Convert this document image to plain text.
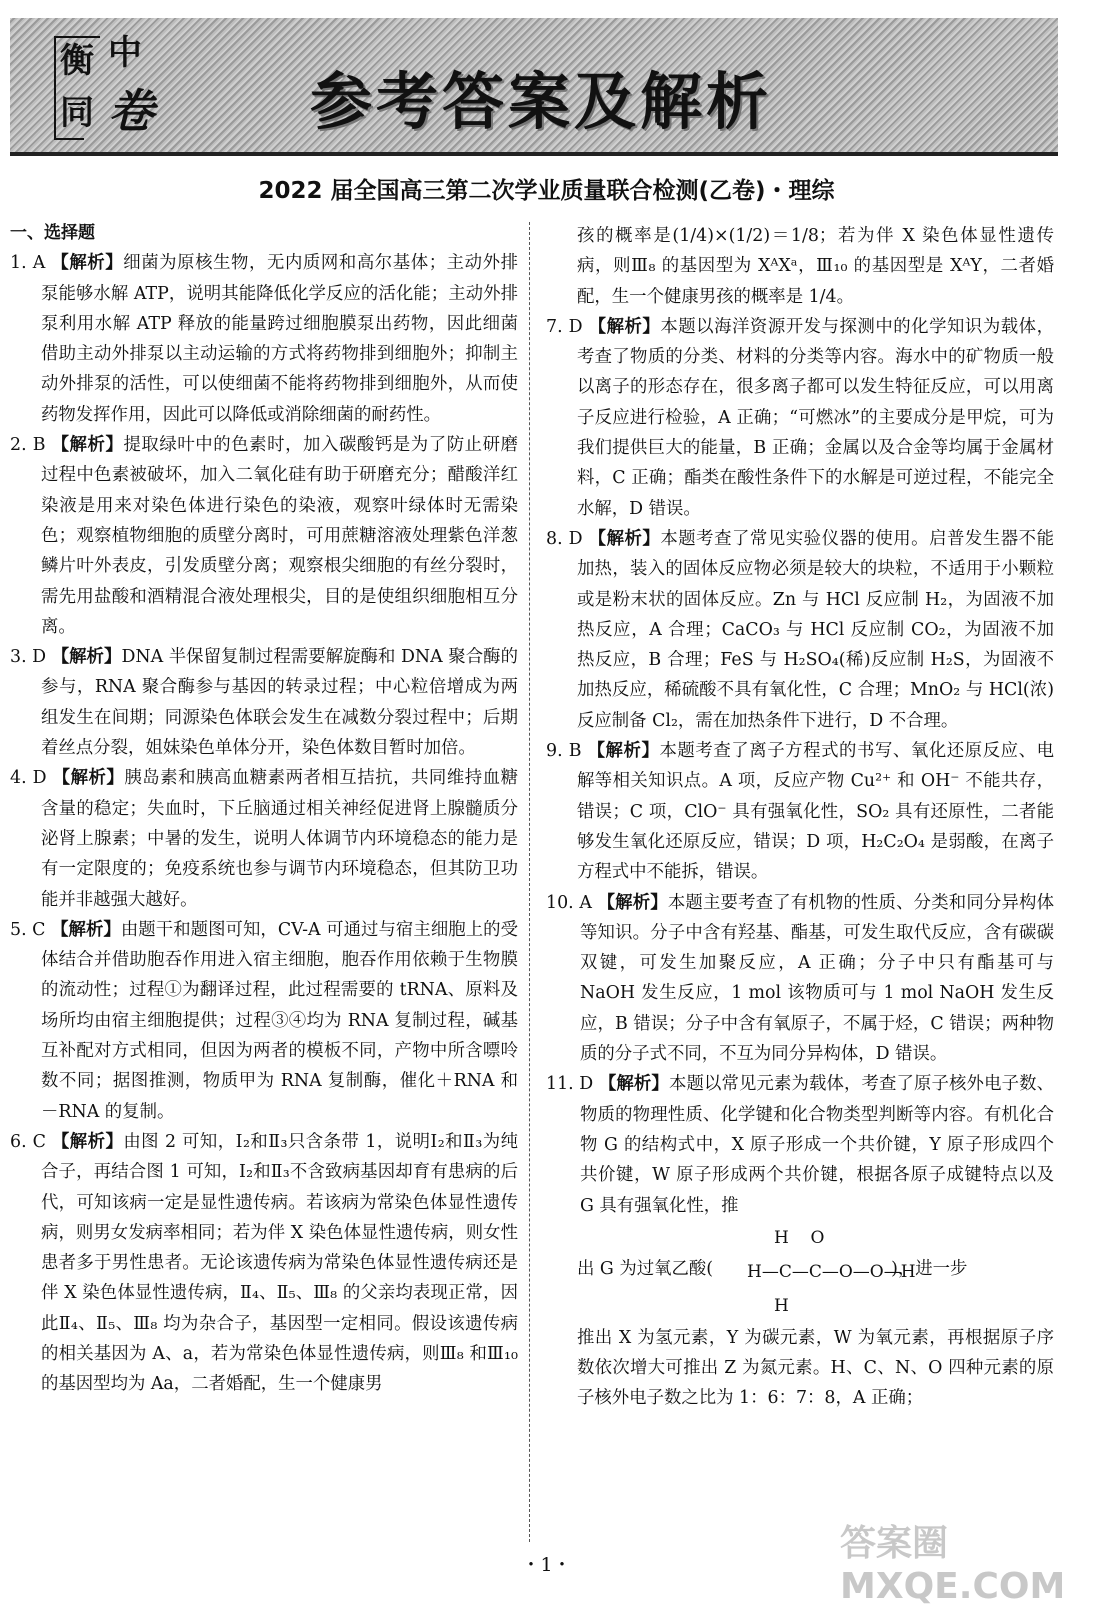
衡 中
同 卷	参考答案及解析
2022 届全国高三第二次学业质量联合检测(乙卷)・理综
一、选择题

1. A 【解析】细菌为原核生物，无内质网和高尔基体；主动外排泵能够水解 ATP，说明其能降低化学反应的活化能；主动外排泵利用水解 ATP 释放的能量跨过细胞膜泵出药物，因此细菌借助主动外排泵以主动运输的方式将药物排到细胞外；抑制主动外排泵的活性，可以使细菌不能将药物排到细胞外，从而使药物发挥作用，因此可以降低或消除细菌的耐药性。

2. B 【解析】提取绿叶中的色素时，加入碳酸钙是为了防止研磨过程中色素被破坏，加入二氧化硅有助于研磨充分；醋酸洋红染液是用来对染色体进行染色的染液，观察叶绿体时无需染色；观察植物细胞的质壁分离时，可用蔗糖溶液处理紫色洋葱鳞片叶外表皮，引发质壁分离；观察根尖细胞的有丝分裂时，需先用盐酸和酒精混合液处理根尖，目的是使组织细胞相互分离。

3. D 【解析】DNA 半保留复制过程需要解旋酶和 DNA 聚合酶的参与，RNA 聚合酶参与基因的转录过程；中心粒倍增成为两组发生在间期；同源染色体联会发生在减数分裂过程中；后期着丝点分裂，姐妹染色单体分开，染色体数目暂时加倍。

4. D 【解析】胰岛素和胰高血糖素两者相互拮抗，共同维持血糖含量的稳定；失血时，下丘脑通过相关神经促进肾上腺髓质分泌肾上腺素；中暑的发生，说明人体调节内环境稳态的能力是有一定限度的；免疫系统也参与调节内环境稳态，但其防卫功能并非越强大越好。

5. C 【解析】由题干和题图可知，CV-A 可通过与宿主细胞上的受体结合并借助胞吞作用进入宿主细胞，胞吞作用依赖于生物膜的流动性；过程①为翻译过程，此过程需要的 tRNA、原料及场所均由宿主细胞提供；过程③④均为 RNA 复制过程，碱基互补配对方式相同，但因为两者的模板不同，产物中所含嘌呤数不同；据图推测，物质甲为 RNA 复制酶，催化＋RNA 和－RNA 的复制。

6. C 【解析】由图 2 可知，Ⅰ₂和Ⅱ₃只含条带 1，说明Ⅰ₂和Ⅱ₃为纯合子，再结合图 1 可知，Ⅰ₂和Ⅱ₃不含致病基因却育有患病的后代，可知该病一定是显性遗传病。若该病为常染色体显性遗传病，则男女发病率相同；若为伴 X 染色体显性遗传病，则女性患者多于男性患者。无论该遗传病为常染色体显性遗传病还是伴 X 染色体显性遗传病，Ⅱ₄、Ⅱ₅、Ⅲ₈ 的父亲均表现正常，因此Ⅱ₄、Ⅱ₅、Ⅲ₈ 均为杂合子，基因型一定相同。假设该遗传病的相关基因为 A、a，若为常染色体显性遗传病，则Ⅲ₈ 和Ⅲ₁₀ 的基因型均为 Aa，二者婚配，生一个健康男

孩的概率是(1/4)×(1/2)＝1/8；若为伴 X 染色体显性遗传病，则Ⅲ₈ 的基因型为 XᴬXᵃ，Ⅲ₁₀ 的基因型是 XᴬY，二者婚配，生一个健康男孩的概率是 1/4。

7. D 【解析】本题以海洋资源开发与探测中的化学知识为载体，考查了物质的分类、材料的分类等内容。海水中的矿物质一般以离子的形态存在，很多离子都可以发生特征反应，可以用离子反应进行检验，A 正确；“可燃冰”的主要成分是甲烷，可为我们提供巨大的能量，B 正确；金属以及合金等均属于金属材料，C 正确；酯类在酸性条件下的水解是可逆过程，不能完全水解，D 错误。

8. D 【解析】本题考查了常见实验仪器的使用。启普发生器不能加热，装入的固体反应物必须是较大的块粒，不适用于小颗粒或是粉末状的固体反应。Zn 与 HCl 反应制 H₂，为固液不加热反应，A 合理；CaCO₃ 与 HCl 反应制 CO₂，为固液不加热反应，B 合理；FeS 与 H₂SO₄(稀)反应制 H₂S，为固液不加热反应，稀硫酸不具有氧化性，C 合理；MnO₂ 与 HCl(浓)反应制备 Cl₂，需在加热条件下进行，D 不合理。

9. B 【解析】本题考查了离子方程式的书写、氧化还原反应、电解等相关知识点。A 项，反应产物 Cu²⁺ 和 OH⁻ 不能共存，错误；C 项，ClO⁻ 具有强氧化性，SO₂ 具有还原性，二者能够发生氧化还原反应，错误；D 项，H₂C₂O₄ 是弱酸，在离子方程式中不能拆，错误。

10. A 【解析】本题主要考查了有机物的性质、分类和同分异构体等知识。分子中含有羟基、酯基，可发生取代反应，含有碳碳双键，可发生加聚反应，A 正确；分子中只有酯基可与 NaOH 发生反应，1 mol 该物质可与 1 mol NaOH 发生反应，B 错误；分子中含有氧原子，不属于烃，C 错误；两种物质的分子式不同，不互为同分异构体，D 错误。

11. D 【解析】本题以常见元素为载体，考查了原子核外电子数、物质的物理性质、化学键和化合物类型判断等内容。有机化合物 G 的结构式中，X 原子形成一个共价键，Y 原子形成四个共价键，W 原子形成两个共价键，根据各原子成键特点以及 G 具有强氧化性，推

出 G 为过氧乙酸(	)，进一步
H    O
H—C—C—O—O—H
H

推出 X 为氢元素，Y 为碳元素，W 为氧元素，再根据原子序数依次增大可推出 Z 为氮元素。H、C、N、O 四种元素的原子核外电子数之比为 1：6：7：8，A 正确；

・1・
答案圈 MXQE.COM
